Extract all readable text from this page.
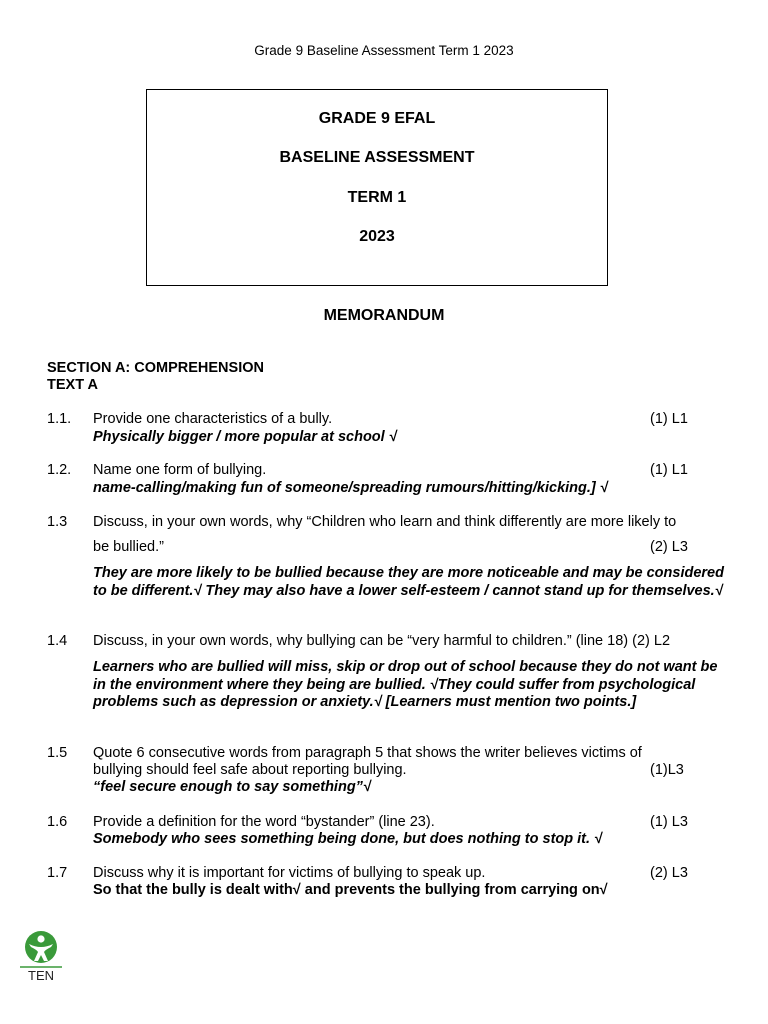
Grade 9 Baseline Assessment Term 1 2023
GRADE 9 EFAL
BASELINE ASSESSMENT
TERM 1
2023
MEMORANDUM
SECTION A: COMPREHENSION
TEXT A
1.1. Provide one characteristics of a bully.	(1) L1
Physically bigger / more popular at school √
1.2. Name one form of bullying.	(1) L1
name-calling/making fun of someone/spreading rumours/hitting/kicking.] √
1.3 Discuss, in your own words, why “Children who learn and think differently are more likely to
be bullied.”	(2) L3
They are more likely to be bullied because they are more noticeable and may be considered to be different.√ They may also have a lower self-esteem / cannot stand up for themselves.√
1.4 Discuss, in your own words, why bullying can be “very harmful to children.” (line 18) (2) L2
Learners who are bullied will miss, skip or drop out of school because they do not want be in the environment where they being are bullied. √They could suffer from psychological problems such as depression or anxiety.√ [Learners must mention two points.]
1.5 Quote 6 consecutive words from paragraph 5 that shows the writer believes victims of
bullying should feel safe about reporting bullying.	(1)L3
“feel secure enough to say something”√
1.6 Provide a definition for the word “bystander” (line 23).	(1) L3
Somebody who sees something being done, but does nothing to stop it. √
1.7 Discuss why it is important for victims of bullying to speak up.	(2) L3
So that the bully is dealt with√ and prevents the bullying from carrying on√
TEN
